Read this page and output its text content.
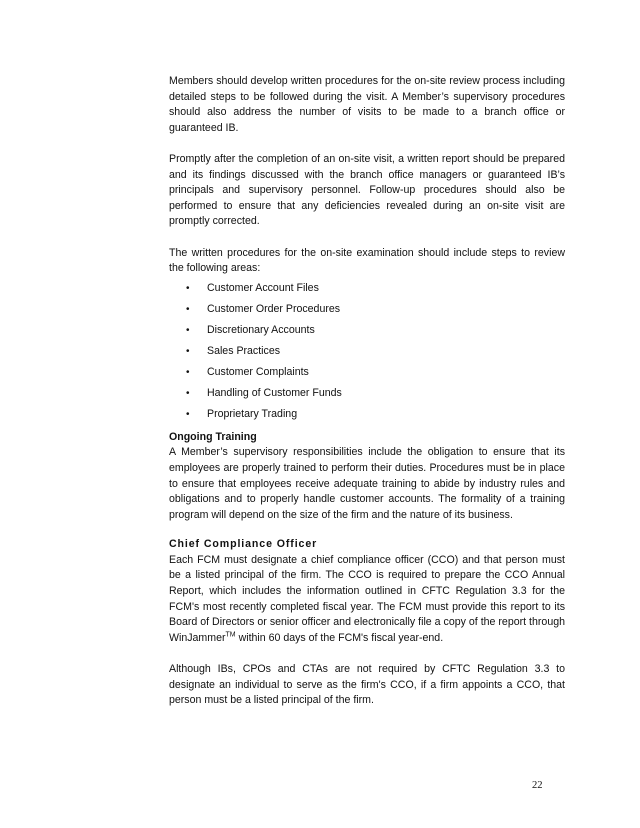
Members should develop written procedures for the on-site review process including detailed steps to be followed during the visit. A Member’s supervisory procedures should also address the number of visits to be made to a branch office or guaranteed IB.

Promptly after the completion of an on-site visit, a written report should be prepared and its findings discussed with the branch office managers or guaranteed IB’s principals and supervisory personnel. Follow-up procedures should also be performed to ensure that any deficiencies revealed during an on-site visit are promptly corrected.

The written procedures for the on-site examination should include steps to review the following areas:

• Customer Account Files
• Customer Order Procedures
• Discretionary Accounts
• Sales Practices
• Customer Complaints
• Handling of Customer Funds
• Proprietary Trading
Ongoing Training

A Member’s supervisory responsibilities include the obligation to ensure that its employees are properly trained to perform their duties. Procedures must be in place to ensure that employees receive adequate training to abide by industry rules and obligations and to properly handle customer accounts. The formality of a training program will depend on the size of the firm and the nature of its business.

Chief Compliance Officer

Each FCM must designate a chief compliance officer (CCO) and that person must be a listed principal of the firm. The CCO is required to prepare the CCO Annual Report, which includes the information outlined in CFTC Regulation 3.3 for the FCM's most recently completed fiscal year. The FCM must provide this report to its Board of Directors or senior officer and electronically file a copy of the report through WinJammer™ within 60 days of the FCM's fiscal year-end.

Although IBs, CPOs and CTAs are not required by CFTC Regulation 3.3 to designate an individual to serve as the firm's CCO, if a firm appoints a CCO, that person must be a listed principal of the firm.

22
